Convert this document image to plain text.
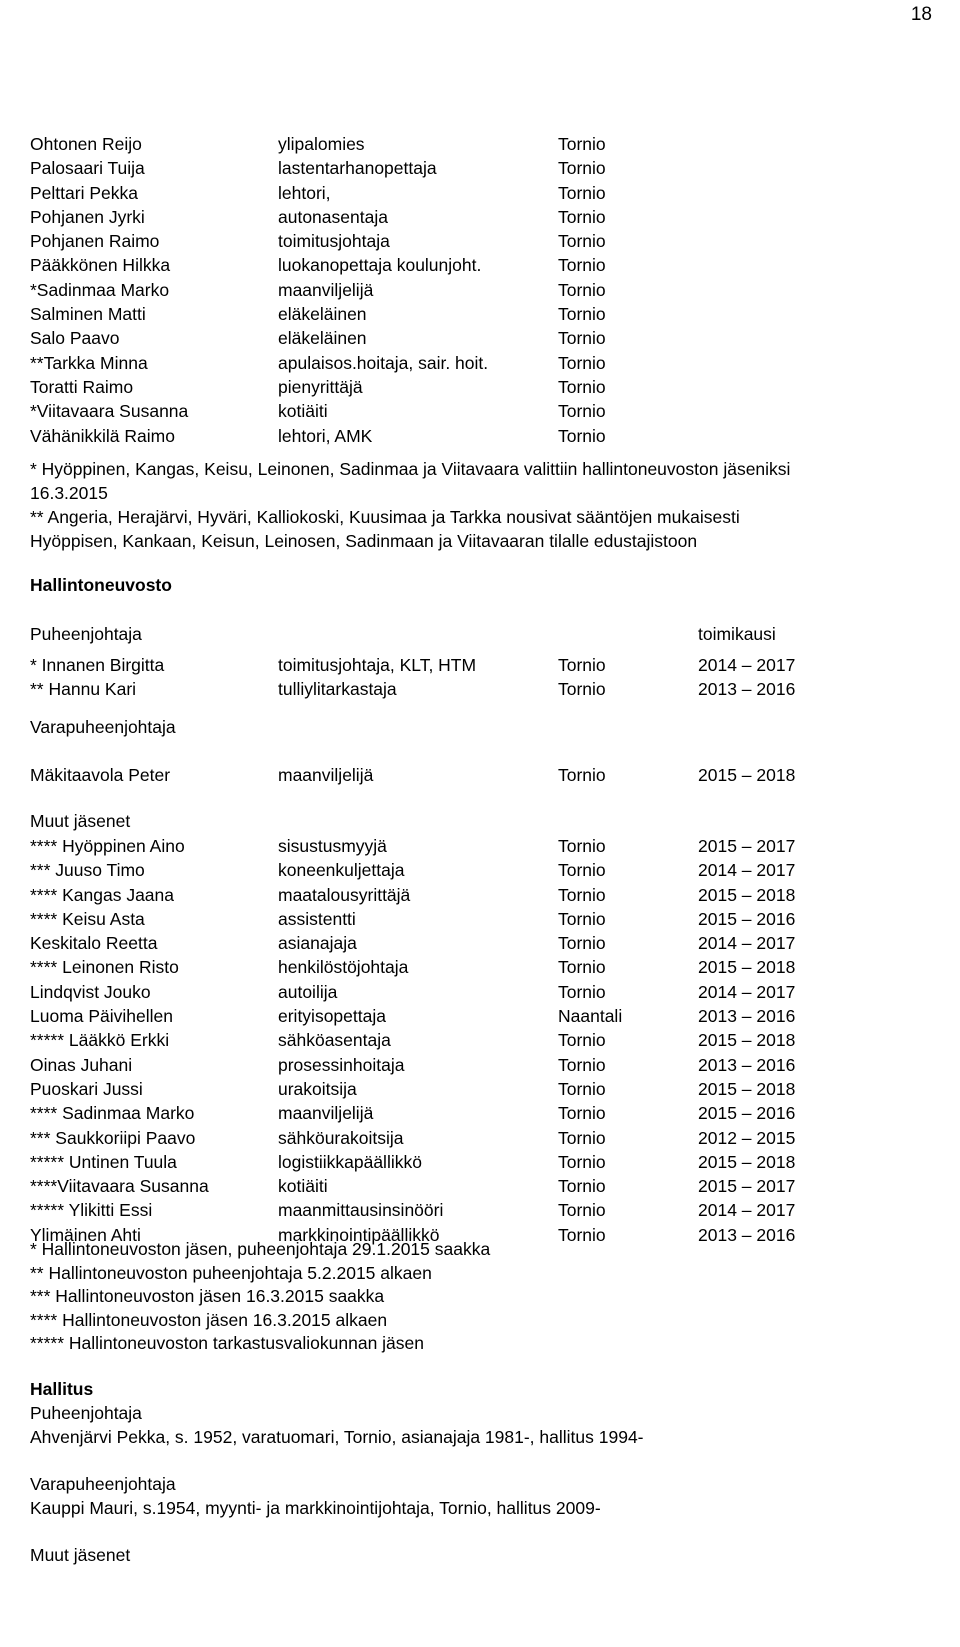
18
Ohtonen Reijo	ylipalomies	Tornio
Palosaari Tuija	lastentarhanopettaja	Tornio
Pelttari Pekka	lehtori,	Tornio
Pohjanen Jyrki	autonasentaja	Tornio
Pohjanen Raimo	toimitusjohtaja	Tornio
Pääkkönen Hilkka	luokanopettaja koulunjoht.	Tornio
*Sadinmaa Marko	maanviljelijä	Tornio
Salminen Matti	eläkeläinen	Tornio
Salo Paavo	eläkeläinen	Tornio
**Tarkka Minna	apulaisos.hoitaja, sair. hoit.	Tornio
Toratti Raimo	pienyrittäjä	Tornio
*Viitavaara Susanna	kotiäiti	Tornio
Vähänikkilä Raimo	lehtori, AMK	Tornio
* Hyöppinen, Kangas, Keisu, Leinonen, Sadinmaa ja Viitavaara valittiin hallintoneuvoston jäseniksi
16.3.2015
** Angeria, Herajärvi, Hyväri, Kalliokoski, Kuusimaa ja Tarkka nousivat sääntöjen mukaisesti
Hyöppisen, Kankaan, Keisun, Leinosen, Sadinmaan ja Viitavaaran tilalle edustajistoon
Hallintoneuvosto
Puheenjohtaja	toimikausi
* Innanen Birgitta	toimitusjohtaja, KLT, HTM	Tornio	2014 – 2017
** Hannu Kari	tulliylitarkastaja	Tornio	2013 – 2016
Varapuheenjohtaja
Mäkitaavola Peter	maanviljelijä	Tornio	2015 – 2018
Muut jäsenet
**** Hyöppinen Aino	sisustusmyyjä	Tornio	2015 – 2017
*** Juuso Timo	koneenkuljettaja	Tornio	2014 – 2017
**** Kangas Jaana	maatalousyrittäjä	Tornio	2015 – 2018
**** Keisu Asta	assistentti	Tornio	2015 – 2016
Keskitalo Reetta	asianajaja	Tornio	2014 – 2017
**** Leinonen Risto	henkilöstöjohtaja	Tornio	2015 – 2018
Lindqvist Jouko	autoilija	Tornio	2014 – 2017
Luoma Päivihellen	erityisopettaja	Naantali	2013 – 2016
***** Lääkkö Erkki	sähköasentaja	Tornio	2015 – 2018
Oinas Juhani	prosessinhoitaja	Tornio	2013 – 2016
Puoskari Jussi	urakoitsija	Tornio	2015 – 2018
**** Sadinmaa Marko	maanviljelijä	Tornio	2015 – 2016
*** Saukkoriipi Paavo	sähköurakoitsija	Tornio	2012 – 2015
***** Untinen Tuula	logistiikkapäällikkö	Tornio	2015 – 2018
****Viitavaara Susanna	kotiäiti	Tornio	2015 – 2017
***** Ylikitti Essi	maanmittausinsinööri	Tornio	2014 – 2017
Ylimäinen Ahti	markkinointipäällikkö	Tornio	2013 – 2016
* Hallintoneuvoston jäsen, puheenjohtaja 29.1.2015 saakka
** Hallintoneuvoston puheenjohtaja 5.2.2015 alkaen
*** Hallintoneuvoston jäsen 16.3.2015 saakka
**** Hallintoneuvoston jäsen 16.3.2015 alkaen
***** Hallintoneuvoston tarkastusvaliokunnan jäsen
Hallitus
Puheenjohtaja
Ahvenjärvi Pekka, s. 1952, varatuomari, Tornio, asianajaja 1981-, hallitus 1994-
Varapuheenjohtaja
Kauppi Mauri, s.1954, myynti- ja markkinointijohtaja, Tornio, hallitus 2009-
Muut jäsenet
